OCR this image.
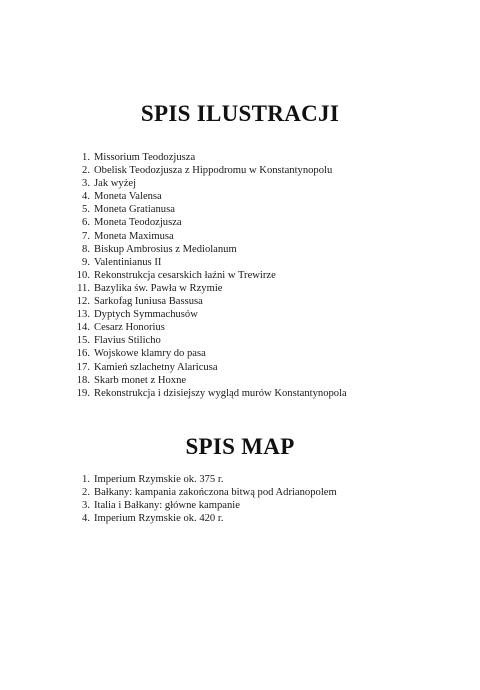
SPIS ILUSTRACJI
1. Missorium Teodozjusza
2. Obelisk Teodozjusza z Hippodromu w Konstantynopolu
3. Jak wyżej
4. Moneta Valensa
5. Moneta Gratianusa
6. Moneta Teodozjusza
7. Moneta Maximusa
8. Biskup Ambrosius z Mediolanum
9. Valentinianus II
10. Rekonstrukcja cesarskich łaźni w Trewirze
11. Bazylika św. Pawła w Rzymie
12. Sarkofag Iuniusa Bassusa
13. Dyptych Symmachusów
14. Cesarz Honorius
15. Flavius Stilicho
16. Wojskowe klamry do pasa
17. Kamień szlachetny Alaricusa
18. Skarb monet z Hoxne
19. Rekonstrukcja i dzisiejszy wygląd murów Konstantynopola
SPIS MAP
1. Imperium Rzymskie ok. 375 r.
2. Bałkany: kampania zakończona bitwą pod Adrianopolem
3. Italia i Bałkany: główne kampanie
4. Imperium Rzymskie ok. 420 r.
